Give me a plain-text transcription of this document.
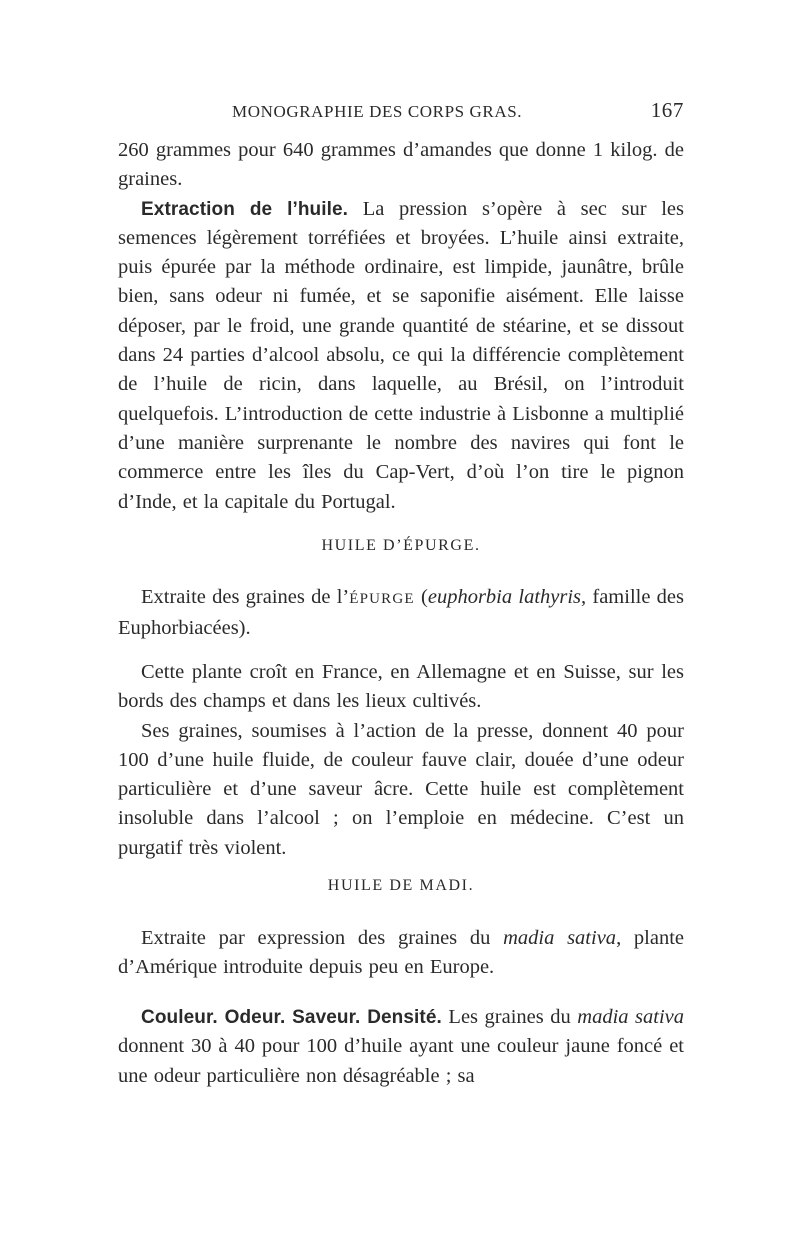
MONOGRAPHIE DES CORPS GRAS.	167

260 grammes pour 640 grammes d’amandes que donne 1 kilog. de graines.

Extraction de l’huile. La pression s’opère à sec sur les semences légèrement torréfiées et broyées. L’huile ainsi extraite, puis épurée par la méthode ordinaire, est limpide, jaunâtre, brûle bien, sans odeur ni fumée, et se saponifie aisément. Elle laisse déposer, par le froid, une grande quantité de stéarine, et se dissout dans 24 parties d’alcool absolu, ce qui la différencie complètement de l’huile de ricin, dans laquelle, au Brésil, on l’introduit quelquefois. L’introduction de cette industrie à Lisbonne a multiplié d’une manière surprenante le nombre des navires qui font le commerce entre les îles du Cap-Vert, d’où l’on tire le pignon d’Inde, et la capitale du Portugal.

HUILE D’ÉPURGE.

Extraite des graines de l’ÉPURGE (euphorbia lathyris, famille des Euphorbiacées).

Cette plante croît en France, en Allemagne et en Suisse, sur les bords des champs et dans les lieux cultivés.

Ses graines, soumises à l’action de la presse, donnent 40 pour 100 d’une huile fluide, de couleur fauve clair, douée d’une odeur particulière et d’une saveur âcre. Cette huile est complètement insoluble dans l’alcool ; on l’emploie en médecine. C’est un purgatif très violent.

HUILE DE MADI.

Extraite par expression des graines du madia sativa, plante d’Amérique introduite depuis peu en Europe.

Couleur. Odeur. Saveur. Densité. Les graines du madia sativa donnent 30 à 40 pour 100 d’huile ayant une couleur jaune foncé et une odeur particulière non désagréable ; sa
